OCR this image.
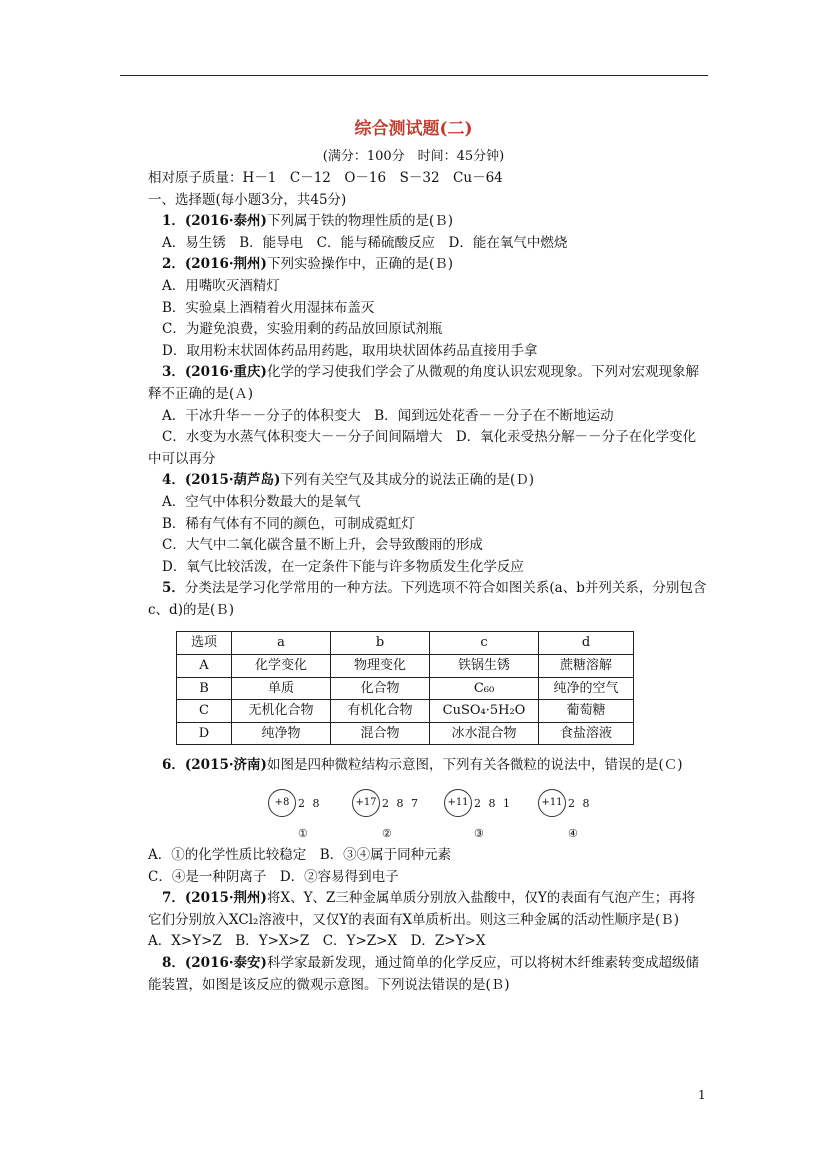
综合测试题(二)
(满分：100分　时间：45分钟)
相对原子质量：H－1　C－12　O－16　S－32　Cu－64
一、选择题(每小题3分，共45分)
1．(2016·泰州)下列属于铁的物理性质的是(Ｂ)
A．易生锈　B．能导电　C．能与稀硫酸反应　D．能在氧气中燃烧
2．(2016·荆州)下列实验操作中，正确的是(Ｂ)
A．用嘴吹灭酒精灯
B．实验桌上酒精着火用湿抹布盖灭
C．为避免浪费，实验用剩的药品放回原试剂瓶
D．取用粉末状固体药品用药匙，取用块状固体药品直接用手拿
3．(2016·重庆)化学的学习使我们学会了从微观的角度认识宏观现象。下列对宏观现象解释不正确的是(Ａ)
A．干冰升华－－分子的体积变大　B．闻到远处花香－－分子在不断地运动
C．水变为水蒸气体积变大－－分子间间隔增大　D．氧化汞受热分解－－分子在化学变化中可以再分
4．(2015·葫芦岛)下列有关空气及其成分的说法正确的是(Ｄ)
A．空气中体积分数最大的是氧气
B．稀有气体有不同的颜色，可制成霓虹灯
C．大气中二氧化碳含量不断上升，会导致酸雨的形成
D．氧气比较活泼，在一定条件下能与许多物质发生化学反应
5．分类法是学习化学常用的一种方法。下列选项不符合如图关系(a、b并列关系，分别包含c、d)的是(Ｂ)
选项	a	b	c	d
A	化学变化	物理变化	铁锅生锈	蔗糖溶解
B	单质	化合物	C₆₀	纯净的空气
C	无机化合物	有机化合物	CuSO₄·5H₂O	葡萄糖
D	纯净物	混合物	冰水混合物	食盐溶液
6．(2015·济南)如图是四种微粒结构示意图，下列有关各微粒的说法中，错误的是(Ｃ)
+8 2 8
①
+17 2 8 7
②
+11 2 8 1
③
+11 2 8
④
A．①的化学性质比较稳定　B．③④属于同种元素
C．④是一种阴离子　D．②容易得到电子
7．(2015·荆州)将X、Y、Z三种金属单质分别放入盐酸中，仅Y的表面有气泡产生；再将它们分别放入XCl₂溶液中，又仅Y的表面有X单质析出。则这三种金属的活动性顺序是(Ｂ)
A．X>Y>Z　B．Y>X>Z　C．Y>Z>X　D．Z>Y>X
8．(2016·泰安)科学家最新发现，通过简单的化学反应，可以将树木纤维素转变成超级储能装置，如图是该反应的微观示意图。下列说法错误的是(Ｂ)
1
